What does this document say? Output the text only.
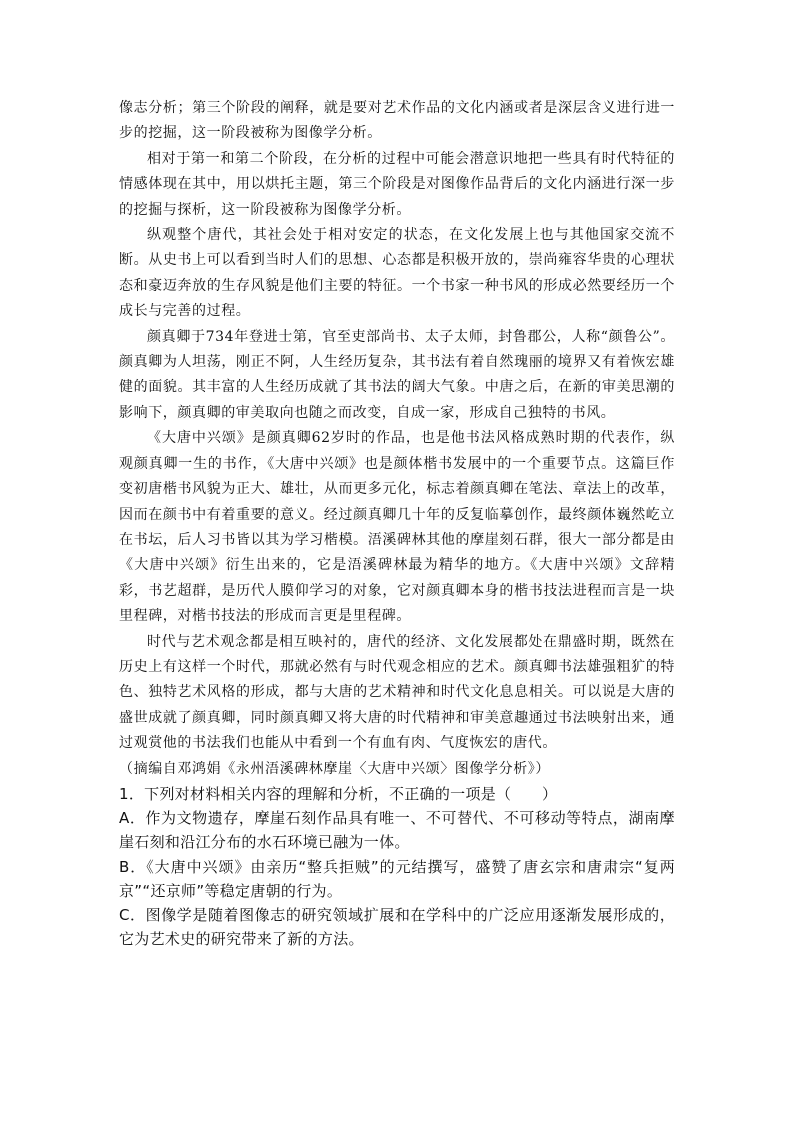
像志分析；第三个阶段的阐释，就是要对艺术作品的文化内涵或者是深层含义进行进一步的挖掘，这一阶段被称为图像学分析。

相对于第一和第二个阶段，在分析的过程中可能会潜意识地把一些具有时代特征的情感体现在其中，用以烘托主题，第三个阶段是对图像作品背后的文化内涵进行深一步的挖掘与探析，这一阶段被称为图像学分析。

纵观整个唐代，其社会处于相对安定的状态，在文化发展上也与其他国家交流不断。从史书上可以看到当时人们的思想、心态都是积极开放的，崇尚雍容华贵的心理状态和豪迈奔放的生存风貌是他们主要的特征。一个书家一种书风的形成必然要经历一个成长与完善的过程。

颜真卿于734年登进士第，官至吏部尚书、太子太师，封鲁郡公，人称“颜鲁公”。颜真卿为人坦荡，刚正不阿，人生经历复杂，其书法有着自然瑰丽的境界又有着恢宏雄健的面貌。其丰富的人生经历成就了其书法的阔大气象。中唐之后，在新的审美思潮的影响下，颜真卿的审美取向也随之而改变，自成一家，形成自己独特的书风。

《大唐中兴颂》是颜真卿62岁时的作品，也是他书法风格成熟时期的代表作，纵观颜真卿一生的书作，《大唐中兴颂》也是颜体楷书发展中的一个重要节点。这篇巨作变初唐楷书风貌为正大、雄壮，从而更多元化，标志着颜真卿在笔法、章法上的改革，因而在颜书中有着重要的意义。经过颜真卿几十年的反复临摹创作，最终颜体巍然屹立在书坛，后人习书皆以其为学习楷模。浯溪碑林其他的摩崖刻石群，很大一部分都是由《大唐中兴颂》衍生出来的，它是浯溪碑林最为精华的地方。《大唐中兴颂》文辞精彩，书艺超群，是历代人膜仰学习的对象，它对颜真卿本身的楷书技法进程而言是一块里程碑，对楷书技法的形成而言更是里程碑。

时代与艺术观念都是相互映衬的，唐代的经济、文化发展都处在鼎盛时期，既然在历史上有这样一个时代，那就必然有与时代观念相应的艺术。颜真卿书法雄强粗犷的特色、独特艺术风格的形成，都与大唐的艺术精神和时代文化息息相关。可以说是大唐的盛世成就了颜真卿，同时颜真卿又将大唐的时代精神和审美意趣通过书法映射出来，通过观赏他的书法我们也能从中看到一个有血有肉、气度恢宏的唐代。

（摘编自邓鸿娟《永州浯溪碑林摩崖〈大唐中兴颂〉图像学分析》）

1．下列对材料相关内容的理解和分析，不正确的一项是（　　）

A．作为文物遗存，摩崖石刻作品具有唯一、不可替代、不可移动等特点，湖南摩崖石刻和沿江分布的水石环境已融为一体。

B．《大唐中兴颂》由亲历“整兵拒贼”的元结撰写，盛赞了唐玄宗和唐肃宗“复两京”“还京师”等稳定唐朝的行为。

C．图像学是随着图像志的研究领域扩展和在学科中的广泛应用逐渐发展形成的，它为艺术史的研究带来了新的方法。
